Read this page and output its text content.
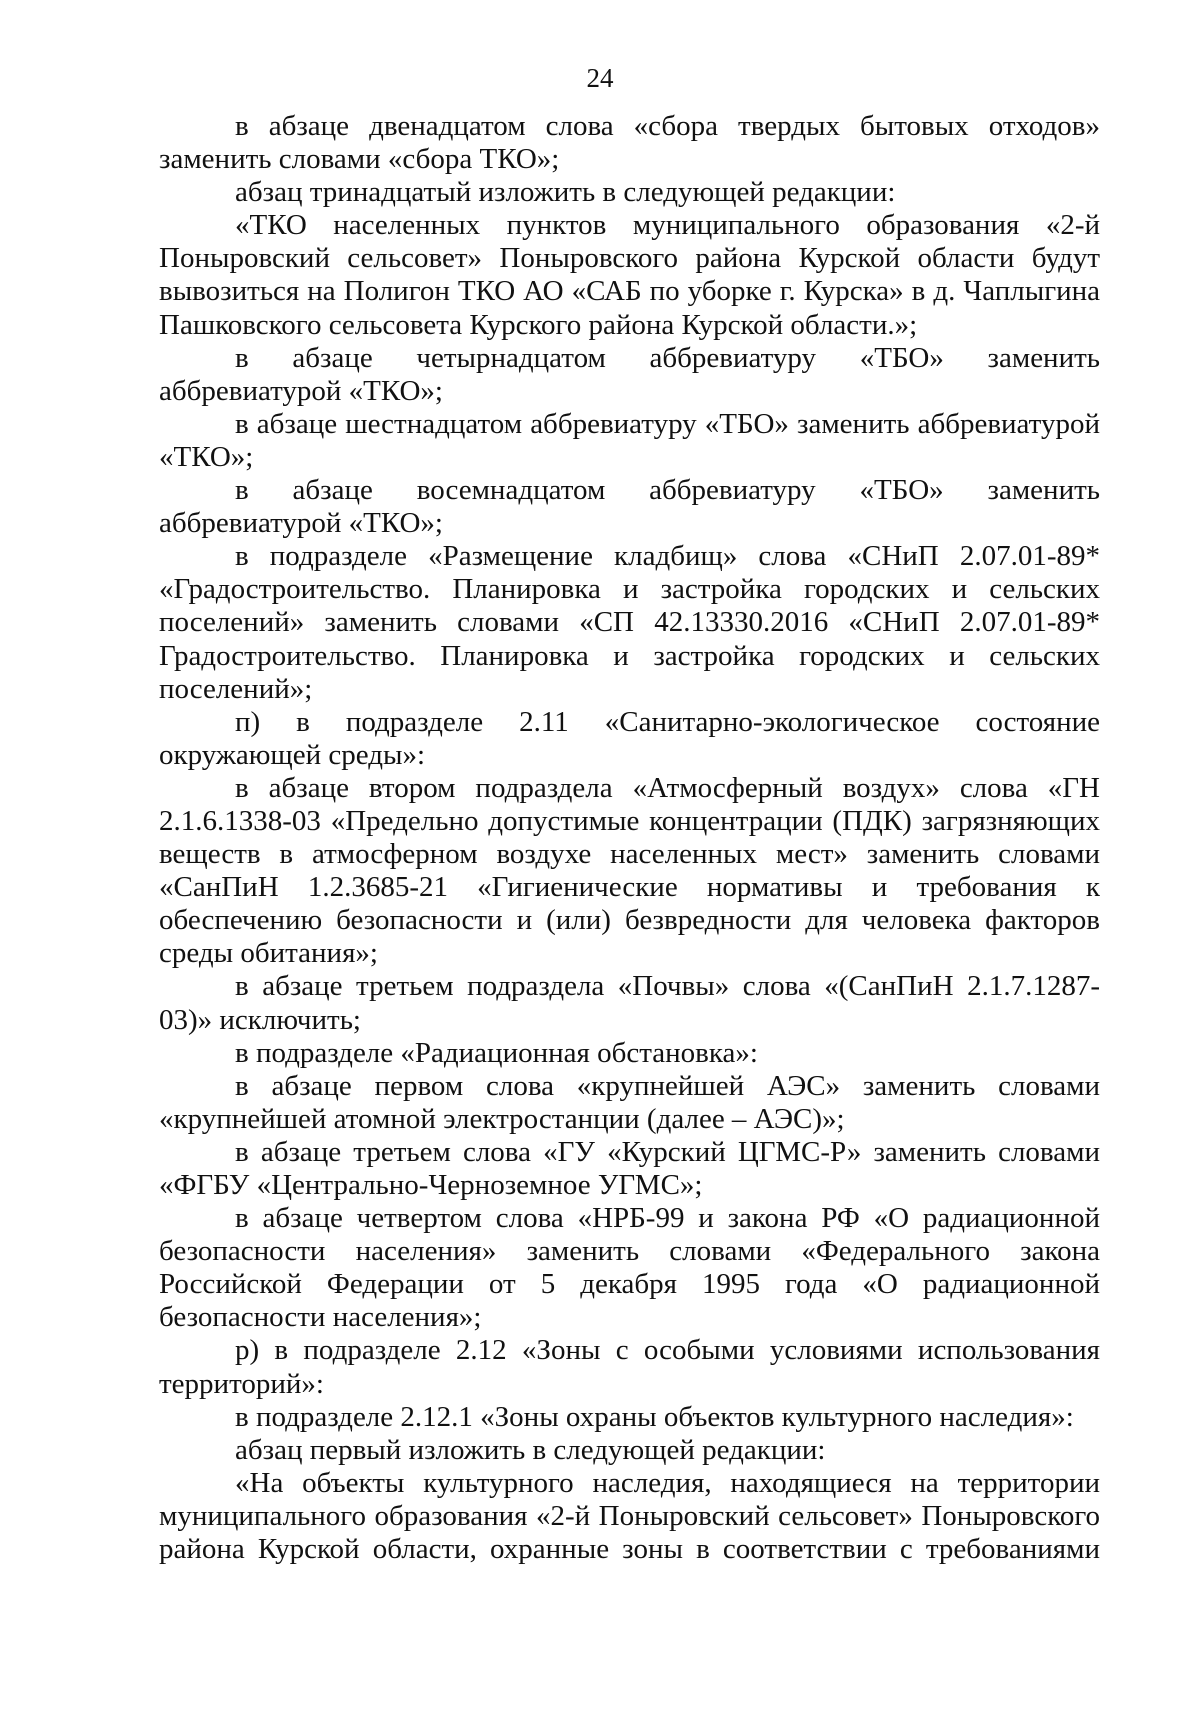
24

в абзаце двенадцатом слова «сбора твердых бытовых отходов» заменить словами «сбора ТКО»;

абзац тринадцатый изложить в следующей редакции:

«ТКО населенных пунктов муниципального образования «2-й Поныровский сельсовет» Поныровского района Курской области будут вывозиться на Полигон ТКО АО «САБ по уборке г. Курска» в д. Чаплыгина Пашковского сельсовета Курского района Курской области.»;

в абзаце четырнадцатом аббревиатуру «ТБО» заменить аббревиатурой «ТКО»;

в абзаце шестнадцатом аббревиатуру «ТБО» заменить аббревиатурой «ТКО»;

в абзаце восемнадцатом аббревиатуру «ТБО» заменить аббревиатурой «ТКО»;

в подразделе «Размещение кладбищ» слова «СНиП 2.07.01-89* «Градостроительство. Планировка и застройка городских и сельских поселений» заменить словами «СП 42.13330.2016 «СНиП 2.07.01-89* Градостроительство. Планировка и застройка городских и сельских поселений»;

п) в подразделе 2.11 «Санитарно-экологическое состояние окружающей среды»:

в абзаце втором подраздела «Атмосферный воздух» слова «ГН 2.1.6.1338-03 «Предельно допустимые концентрации (ПДК) загрязняющих веществ в атмосферном воздухе населенных мест» заменить словами «СанПиН 1.2.3685-21 «Гигиенические нормативы и требования к обеспечению безопасности и (или) безвредности для человека факторов среды обитания»;

в абзаце третьем подраздела «Почвы» слова «(СанПиН 2.1.7.1287-03)» исключить;

в подразделе «Радиационная обстановка»:

в абзаце первом слова «крупнейшей АЭС» заменить словами «крупнейшей атомной электростанции (далее – АЭС)»;

в абзаце третьем слова «ГУ «Курский ЦГМС-Р» заменить словами «ФГБУ «Центрально-Черноземное УГМС»;

в абзаце четвертом слова «НРБ-99 и закона РФ «О радиационной безопасности населения» заменить словами «Федерального закона Российской Федерации от 5 декабря 1995 года «О радиационной безопасности населения»;

р) в подразделе 2.12 «Зоны с особыми условиями использования территорий»:

в подразделе 2.12.1 «Зоны охраны объектов культурного наследия»:

абзац первый изложить в следующей редакции:

«На объекты культурного наследия, находящиеся на территории муниципального образования «2-й Поныровский сельсовет» Поныровского района Курской области, охранные зоны в соответствии с требованиями
